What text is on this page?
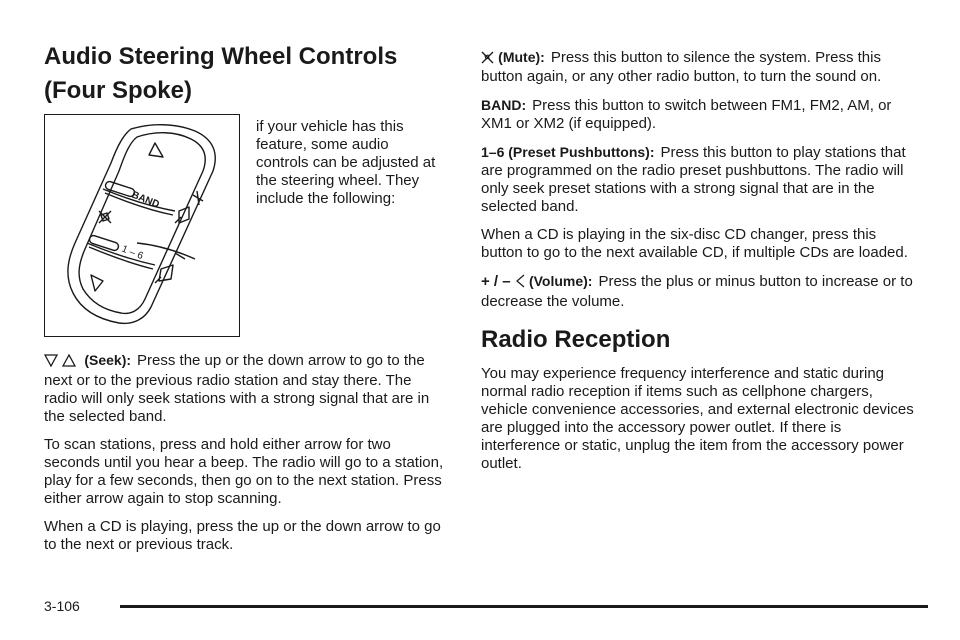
Audio Steering Wheel Controls
(Four Spoke)
BAND
1 – 6
if your vehicle has this feature, some audio controls can be adjusted at the steering wheel. They include the following:

(Seek): Press the up or the down arrow to go to the next or to the previous radio station and stay there. The radio will only seek stations with a strong signal that are in the selected band.

To scan stations, press and hold either arrow for two seconds until you hear a beep. The radio will go to a station, play for a few seconds, then go on to the next station. Press either arrow again to stop scanning.

When a CD is playing, press the up or the down arrow to go to the next or previous track.

(Mute): Press this button to silence the system. Press this button again, or any other radio button, to turn the sound on.

BAND: Press this button to switch between FM1, FM2, AM, or XM1 or XM2 (if equipped).

1–6 (Preset Pushbuttons): Press this button to play stations that are programmed on the radio preset pushbuttons. The radio will only seek preset stations with a strong signal that are in the selected band.

When a CD is playing in the six-disc CD changer, press this button to go to the next available CD, if multiple CDs are loaded.

+ / – (Volume): Press the plus or minus button to increase or to decrease the volume.

Radio Reception

You may experience frequency interference and static during normal radio reception if items such as cellphone chargers, vehicle convenience accessories, and external electronic devices are plugged into the accessory power outlet. If there is interference or static, unplug the item from the accessory power outlet.

3-106
